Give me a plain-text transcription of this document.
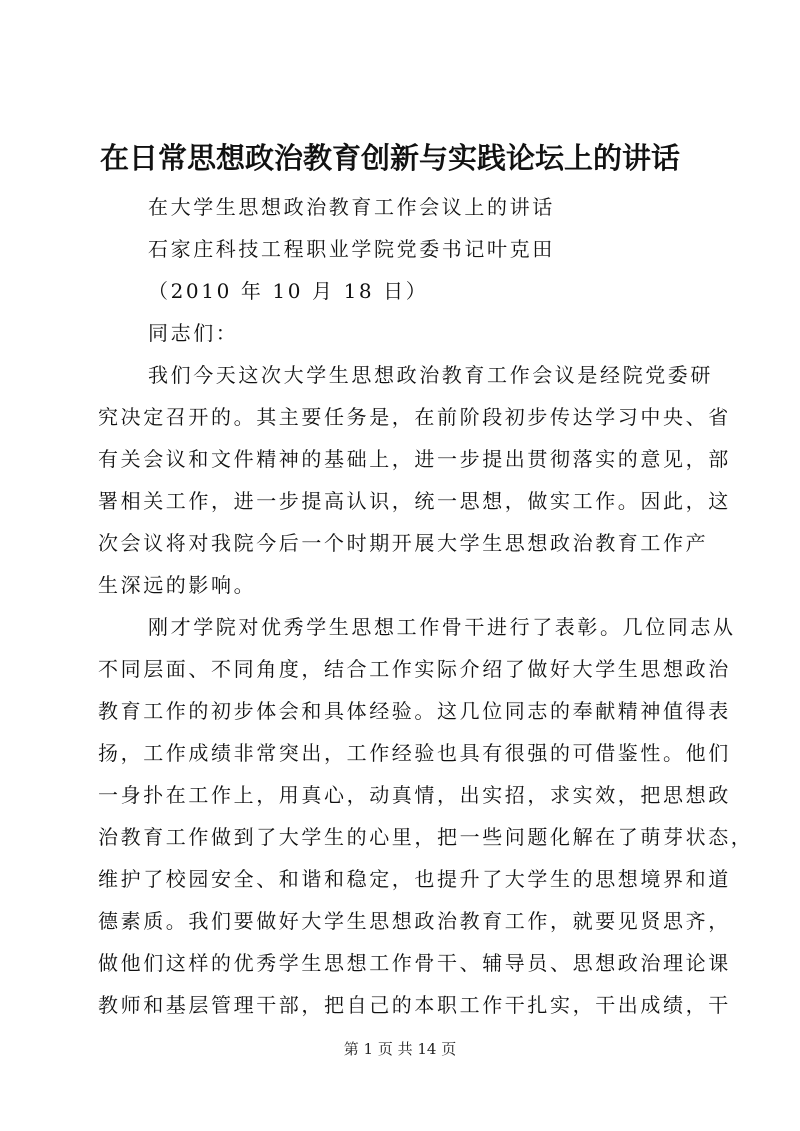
在日常思想政治教育创新与实践论坛上的讲话
在大学生思想政治教育工作会议上的讲话
石家庄科技工程职业学院党委书记叶克田
（2010 年 10 月 18 日）
同志们：
我们今天这次大学生思想政治教育工作会议是经院党委研
究决定召开的。其主要任务是，在前阶段初步传达学习中央、省
有关会议和文件精神的基础上，进一步提出贯彻落实的意见，部
署相关工作，进一步提高认识，统一思想，做实工作。因此，这
次会议将对我院今后一个时期开展大学生思想政治教育工作产
生深远的影响。
刚才学院对优秀学生思想工作骨干进行了表彰。几位同志从
不同层面、不同角度，结合工作实际介绍了做好大学生思想政治
教育工作的初步体会和具体经验。这几位同志的奉献精神值得表
扬，工作成绩非常突出，工作经验也具有很强的可借鉴性。他们
一身扑在工作上，用真心，动真情，出实招，求实效，把思想政
治教育工作做到了大学生的心里，把一些问题化解在了萌芽状态，
维护了校园安全、和谐和稳定，也提升了大学生的思想境界和道
德素质。我们要做好大学生思想政治教育工作，就要见贤思齐，
做他们这样的优秀学生思想工作骨干、辅导员、思想政治理论课
教师和基层管理干部，把自己的本职工作干扎实，干出成绩，干
第 1 页 共 14 页
